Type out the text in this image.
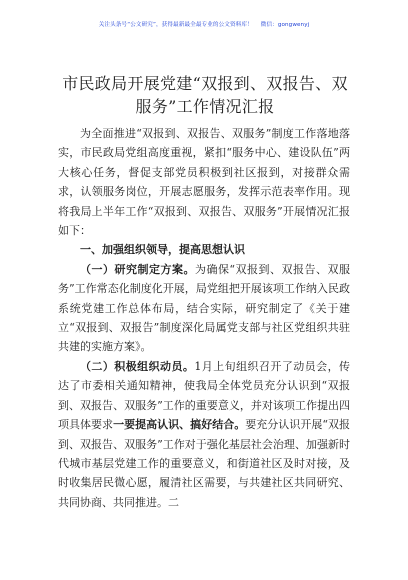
关注头条号“公文研究”，获得最新最全最专业的公文资料库！ 微信：gongwenyj
市民政局开展党建“双报到、双报告、双服务”工作情况汇报

为全面推进“双报到、双报告、双服务”制度工作落地落实，市民政局党组高度重视，紧扣“服务中心、建设队伍”两大核心任务，督促支部党员积极到社区报到，对接群众需求，认领服务岗位，开展志愿服务，发挥示范表率作用。现将我局上半年工作“双报到、双报告、双服务”开展情况汇报如下：

一、加强组织领导，提高思想认识

（一）研究制定方案。为确保“双报到、双报告、双服务”工作常态化制度化开展，局党组把开展该项工作纳入民政系统党建工作总体布局，结合实际，研究制定了《关于建立“双报到、双报告”制度深化局属党支部与社区党组织共驻共建的实施方案》。

（二）积极组织动员。1月上旬组织召开了动员会，传达了市委相关通知精神，使我局全体党员充分认识到“双报到、双报告、双服务”工作的重要意义，并对该项工作提出四项具体要求一要提高认识、搞好结合。要充分认识开展“双报到、双报告、双服务”工作对于强化基层社会治理、加强新时代城市基层党建工作的重要意义，和街道社区及时对接，及时收集居民微心愿，履清社区需要，与共建社区共同研究、共同协商、共同推进。二
